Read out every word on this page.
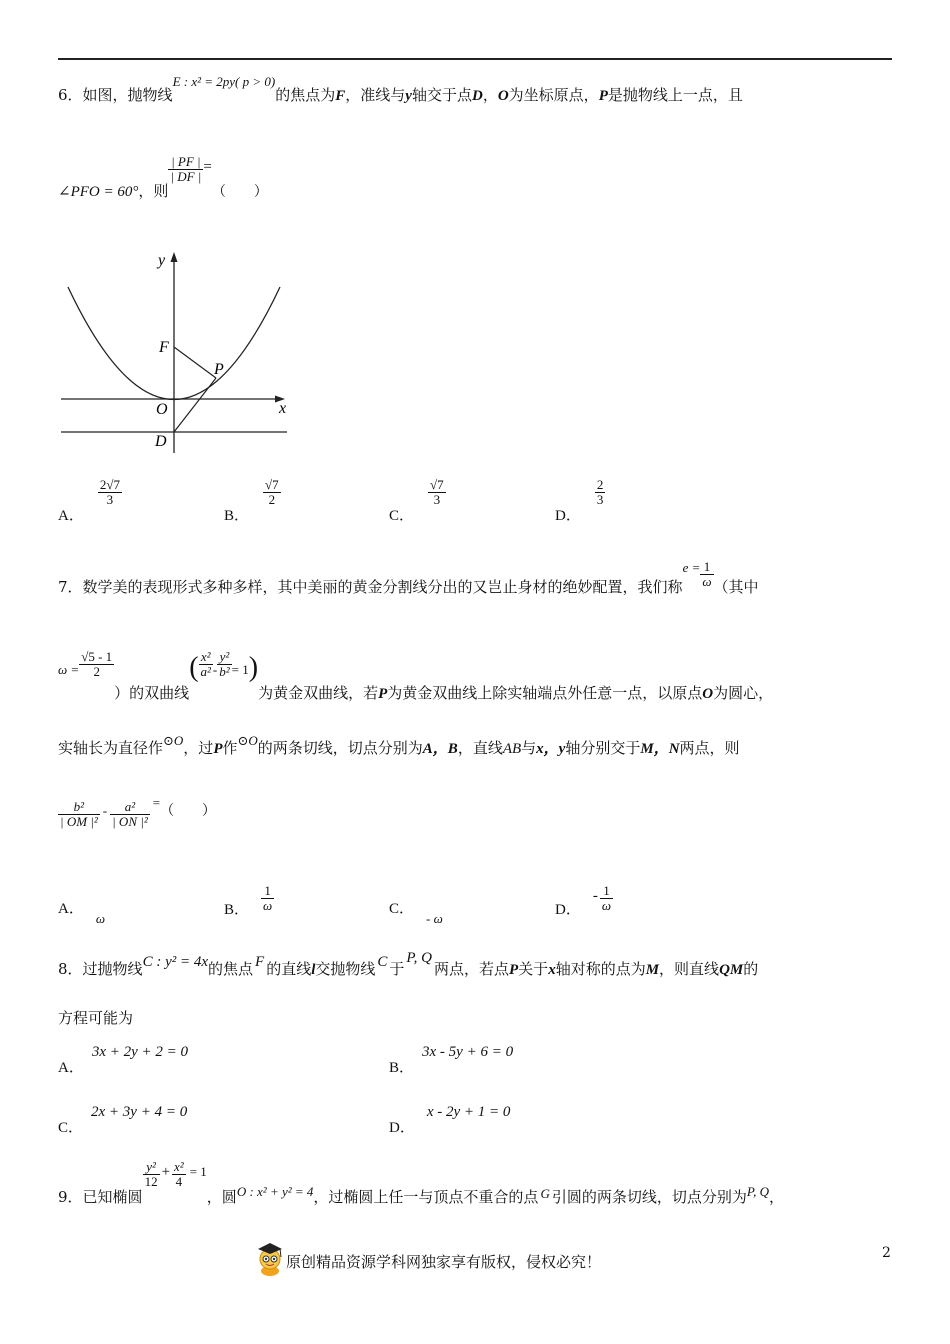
6．如图，抛物线E : x² = 2py( p > 0)的焦点为F，准线与y轴交于点D，O为坐标原点，P是抛物线上一点，且
∠PFO = 60°，则
$\frac{| PF |}{| DF |}$ =（　　）
y
F
P
O	x
D
A．
$\frac{2√7}{3}$
B．
$\frac{√7}{2}$
C．
$\frac{√7}{3}$
D．
$\frac{2}{3}$
7．数学美的表现形式多种多样，其中美丽的黄金分割线分出的又岂止身材的绝妙配置，我们称$e = \frac{1}{\omega}$ （其中
$\omega = \frac{√5 - 1}{2}$
）的双曲线( $\frac{\text{x²}}{\text{a²}} - \frac{\text{y²}}{\text{b²}} = 1$)为黄金双曲线，若P为黄金双曲线上除实轴端点外任意一点，以原点O为圆心，
实轴长为直径作⊙O，过P作⊙O的两条切线，切点分别为A，B，直线AB与x，y轴分别交于M，N两点，则
$\frac{\text{b²}}{\text{| OM |²}} - \frac{\text{a²}}{\text{| ON |²}}$ =（　　）
A．ω
B． $\frac{1}{\omega}$	C．- ω
D．- $\frac{1}{\omega}$
8．过抛物线C : y² = 4x的焦点 F 的直线l交抛物线 C 于P, Q两点，若点P关于x轴对称的点为M，则直线QM的
方程可能为
A．3x + 2y + 2 = 0
B．3x - 5y + 6 = 0
C．2x + 3y + 4 = 0
D．x - 2y + 1 = 0
9．已知椭圆
$\frac{\text{y²}}{12} + \frac{\text{x²}}{4} = 1$，圆O : x² + y² = 4，过椭圆上任一与顶点不重合的点 G 引圆的两条切线，切点分别为P, Q，
2
原创精品资源学科网独家享有版权，侵权必究！
